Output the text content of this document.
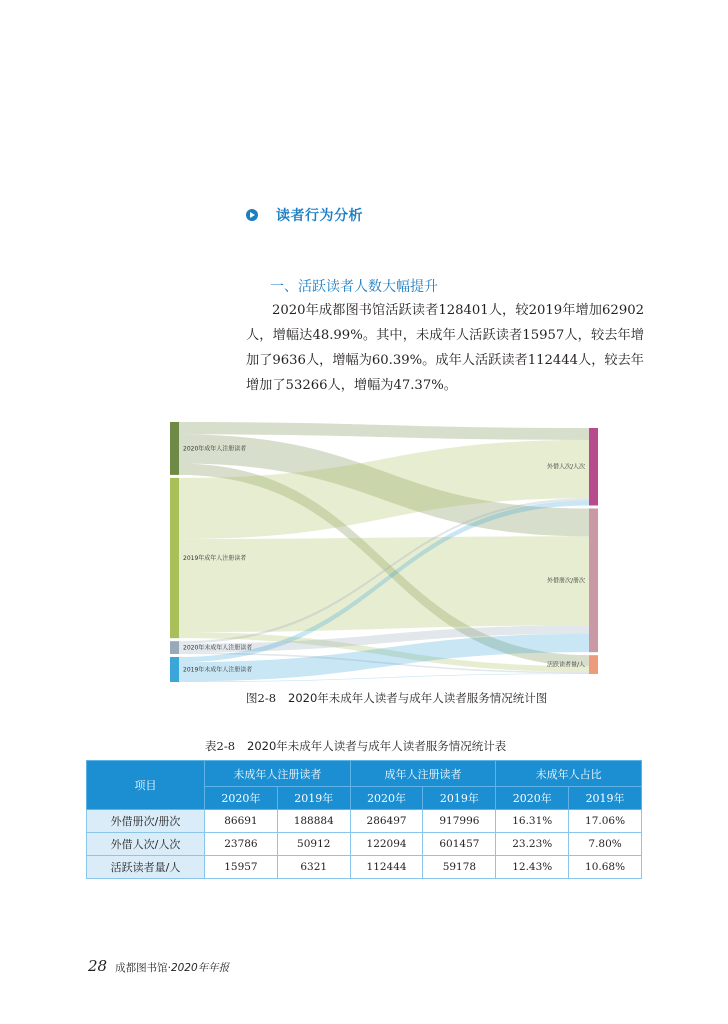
读者行为分析
一、活跃读者人数大幅提升

2020年成都图书馆活跃读者128401人，较2019年增加62902人，增幅达48.99%。其中，未成年人活跃读者15957人，较去年增加了9636人，增幅为60.39%。成年人活跃读者112444人，较去年增加了53266人，增幅为47.37%。

2020年成年人注册读者
2019年成年人注册读者
2020年未成年人注册读者
2019年未成年人注册读者
外借人次/人次
外借册次/册次
活跃读者量/人
图2-8 2020年未成年人读者与成年人读者服务情况统计图
表2-8 2020年未成年人读者与成年人读者服务情况统计表
项目	未成年人注册读者		成年人注册读者		未成年人占比	
	2020年	2019年	2020年	2019年	2020年	2019年
外借册次/册次	86691	188884	286497	917996	16.31%	17.06%
外借人次/人次	23786	50912	122094	601457	23.23%	7.80%
活跃读者量/人	15957	6321	112444	59178	12.43%	10.68%
28 成都图书馆·2020年年报
